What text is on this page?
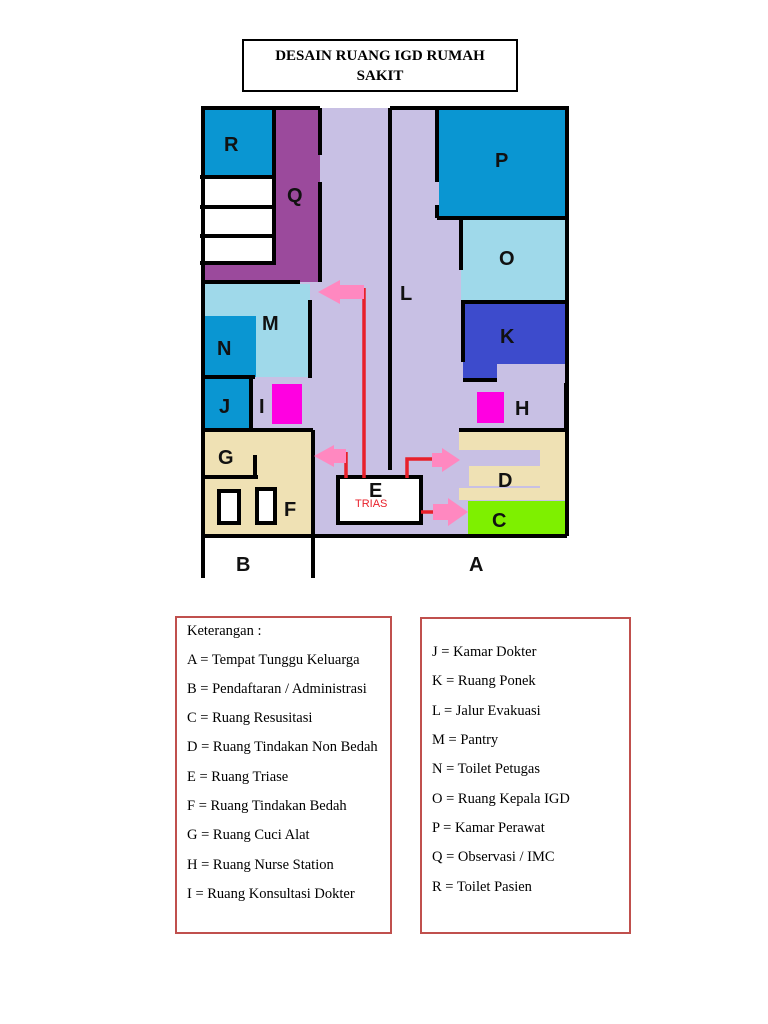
DESAIN RUANG IGD RUMAH SAKIT
R
Q
L
P
O
K
M
N
J I	H
G
D
E
TRIAS
F	C
B	A
Keterangan :
A = Tempat Tunggu Keluarga
B = Pendaftaran / Administrasi
C = Ruang Resusitasi
D = Ruang Tindakan Non Bedah
E = Ruang Triase
F = Ruang Tindakan Bedah
G = Ruang Cuci Alat
H = Ruang Nurse Station
I = Ruang Konsultasi Dokter
J = Kamar Dokter
K = Ruang Ponek
L = Jalur Evakuasi
M = Pantry
N = Toilet Petugas
O = Ruang Kepala IGD
P = Kamar Perawat
Q = Observasi / IMC
R = Toilet Pasien
